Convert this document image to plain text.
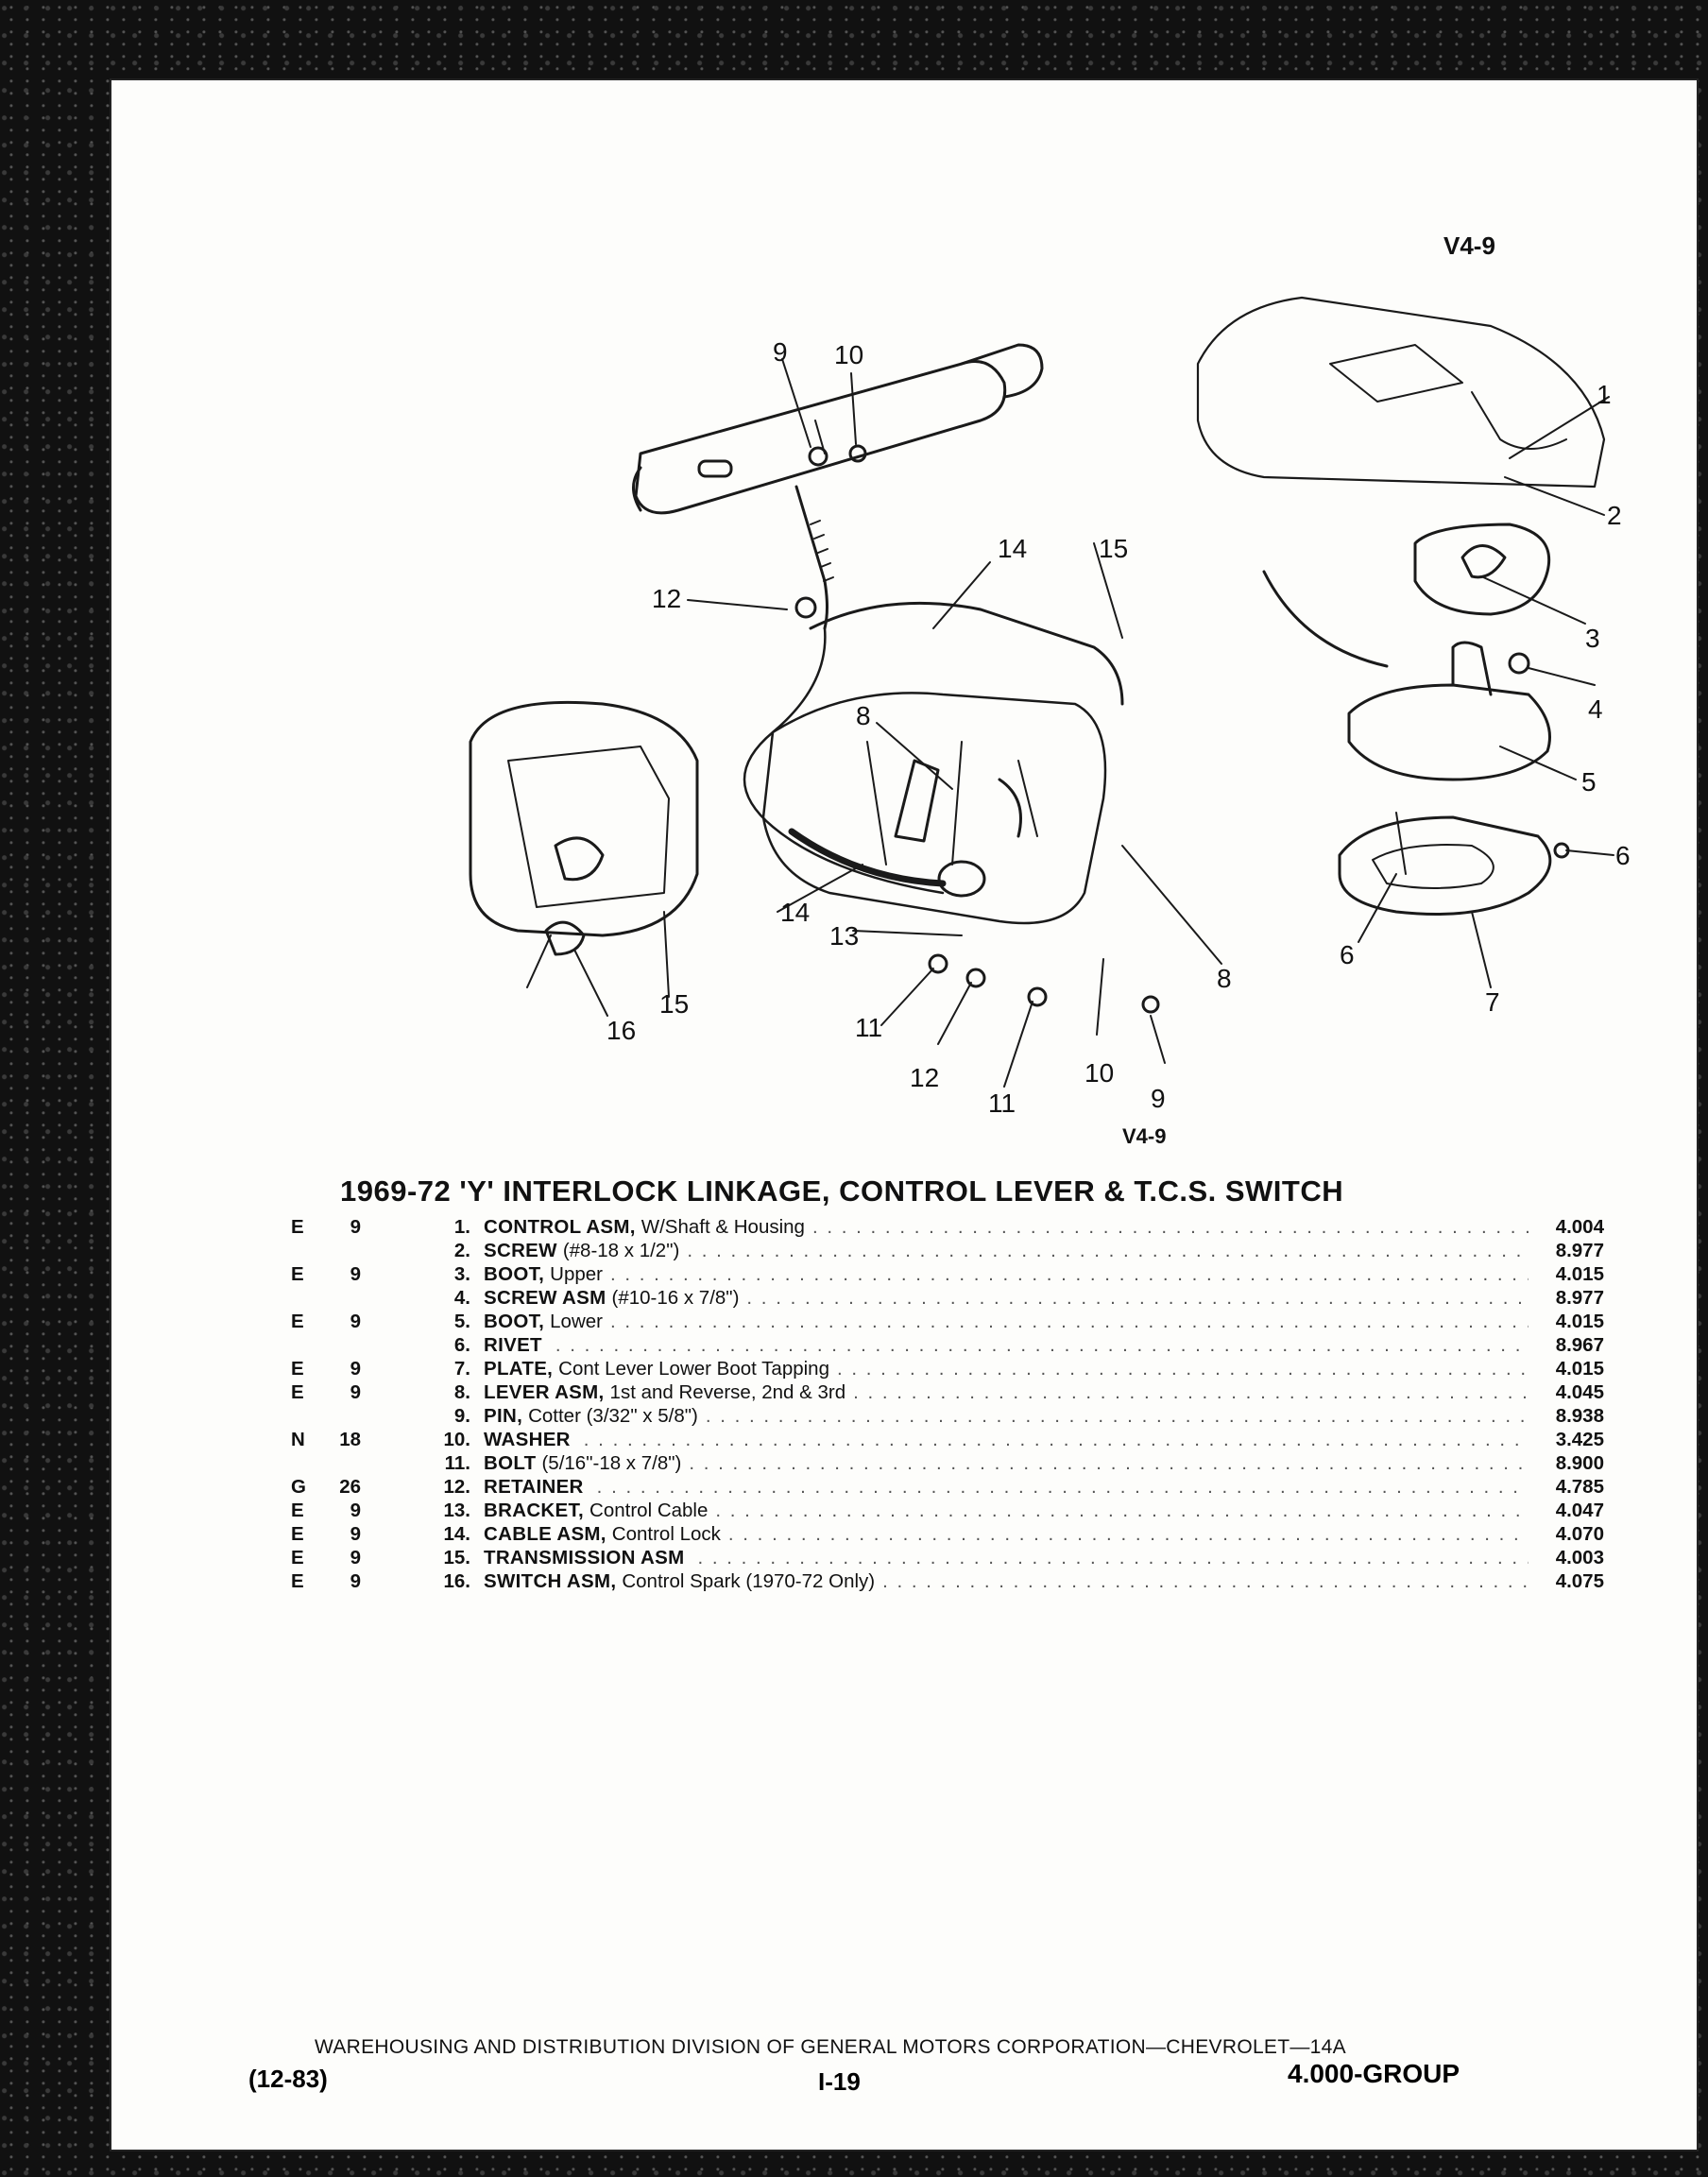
V4-9
1
2
3
4
5
6
6
7
8
8
9
9
10
10
11
11
12
12
13
14
14
15
15
16
V4-9
1969-72 'Y' INTERLOCK LINKAGE, CONTROL LEVER & T.C.S. SWITCH
E	9	1. CONTROL ASM, W/Shaft & Housing . . .	4.004
2. SCREW (#8-18 x 1/2") . . .	8.977
E	9	3. BOOT, Upper . . .	4.015
4. SCREW ASM (#10-16 x 7/8") . . .	8.977
E	9	5. BOOT, Lower . . .	4.015
6. RIVET . . .	8.967
E	9	7. PLATE, Cont Lever Lower Boot Tapping . . .	4.015
E	9	8. LEVER ASM, 1st and Reverse, 2nd & 3rd . . .	4.045
9. PIN, Cotter (3/32" x 5/8") . . .	8.938
N	18	10. WASHER . . .	3.425
11. BOLT (5/16"-18 x 7/8") . . .	8.900
G	26	12. RETAINER . . .	4.785
E	9	13. BRACKET, Control Cable . . .	4.047
E	9	14. CABLE ASM, Control Lock . . .	4.070
E	9	15. TRANSMISSION ASM . . .	4.003
E	9	16. SWITCH ASM, Control Spark (1970-72 Only) . . .	4.075
WAREHOUSING AND DISTRIBUTION DIVISION OF GENERAL MOTORS CORPORATION—CHEVROLET—14A
(12-83)	I-19	4.000-GROUP
